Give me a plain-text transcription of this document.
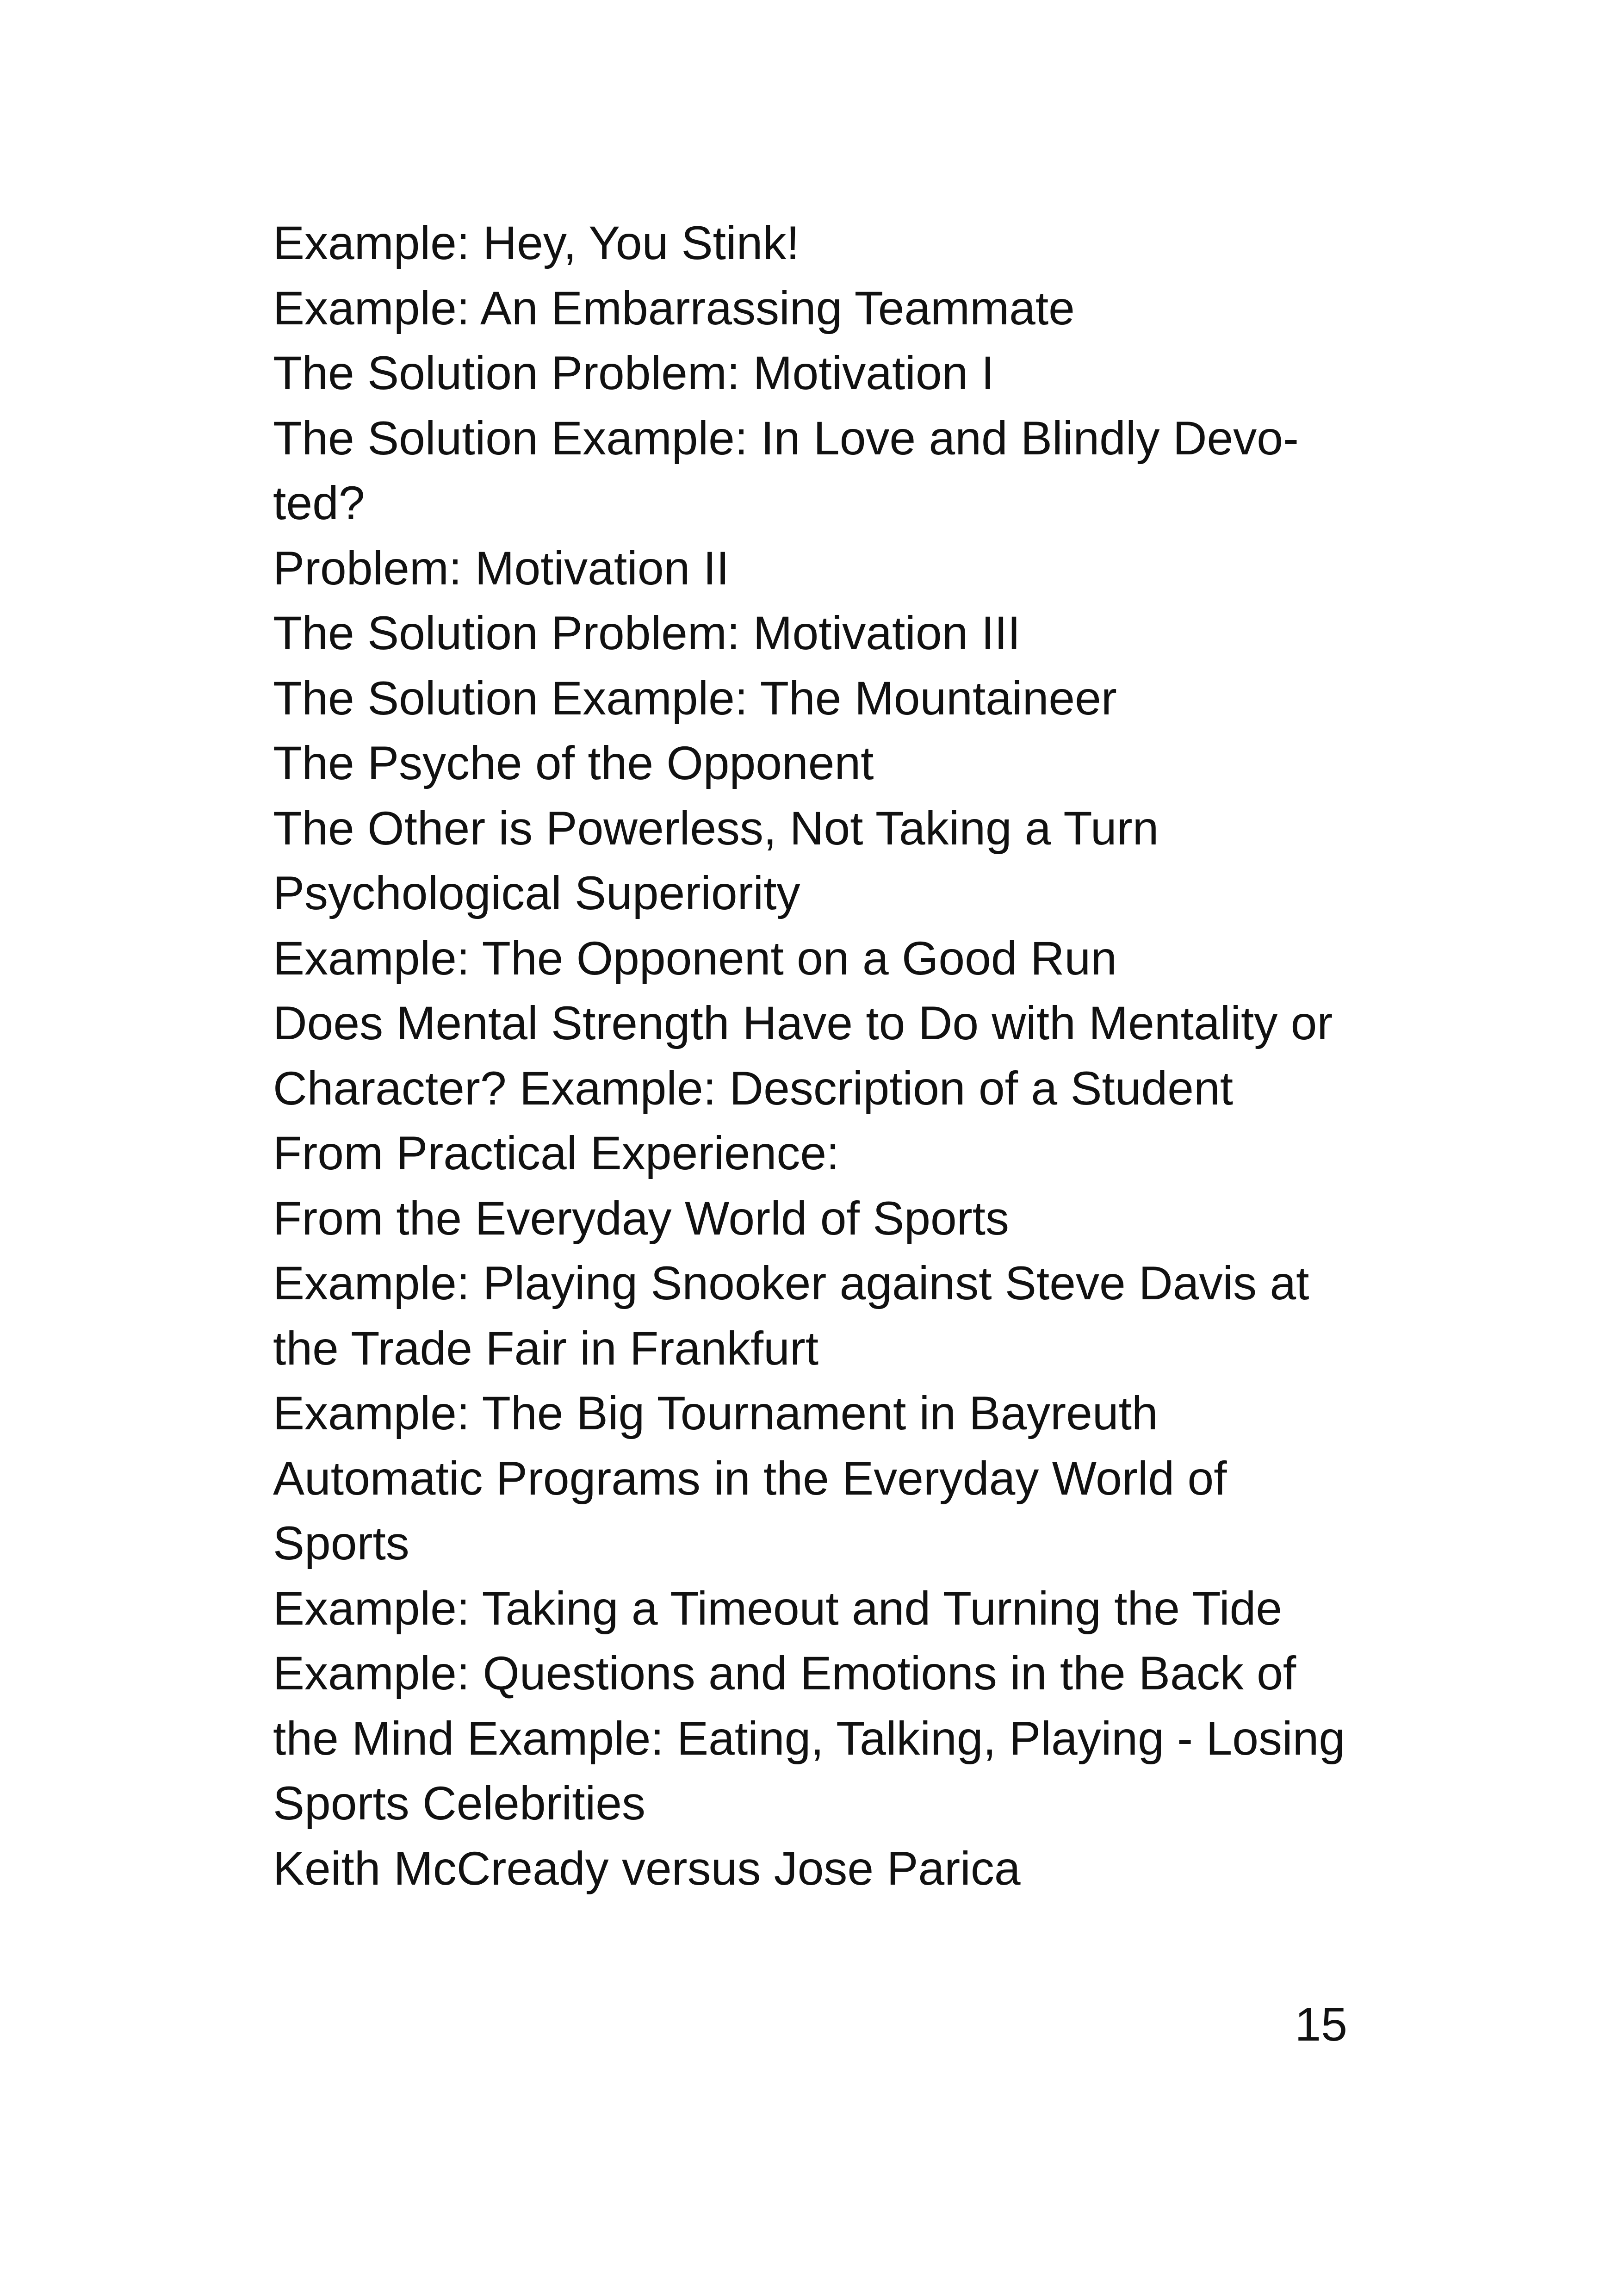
Example: Hey, You Stink!
Example: An Embarrassing Teammate
The Solution Problem: Motivation I
The Solution Example: In Love and Blindly Devo-
ted?
Problem: Motivation II
The Solution Problem: Motivation III
The Solution Example: The Mountaineer
The Psyche of the Opponent
The Other is Powerless, Not Taking a Turn
Psychological Superiority
Example: The Opponent on a Good Run
Does Mental Strength Have to Do with Mentality or
Character? Example: Description of a Student
From Practical Experience:
From the Everyday World of Sports
Example: Playing Snooker against Steve Davis at
the Trade Fair in Frankfurt
Example: The Big Tournament in Bayreuth
Automatic Programs in the Everyday World of
Sports
Example: Taking a Timeout and Turning the Tide
Example: Questions and Emotions in the Back of
the Mind Example: Eating, Talking, Playing - Losing
Sports Celebrities
Keith McCready versus Jose Parica
15
